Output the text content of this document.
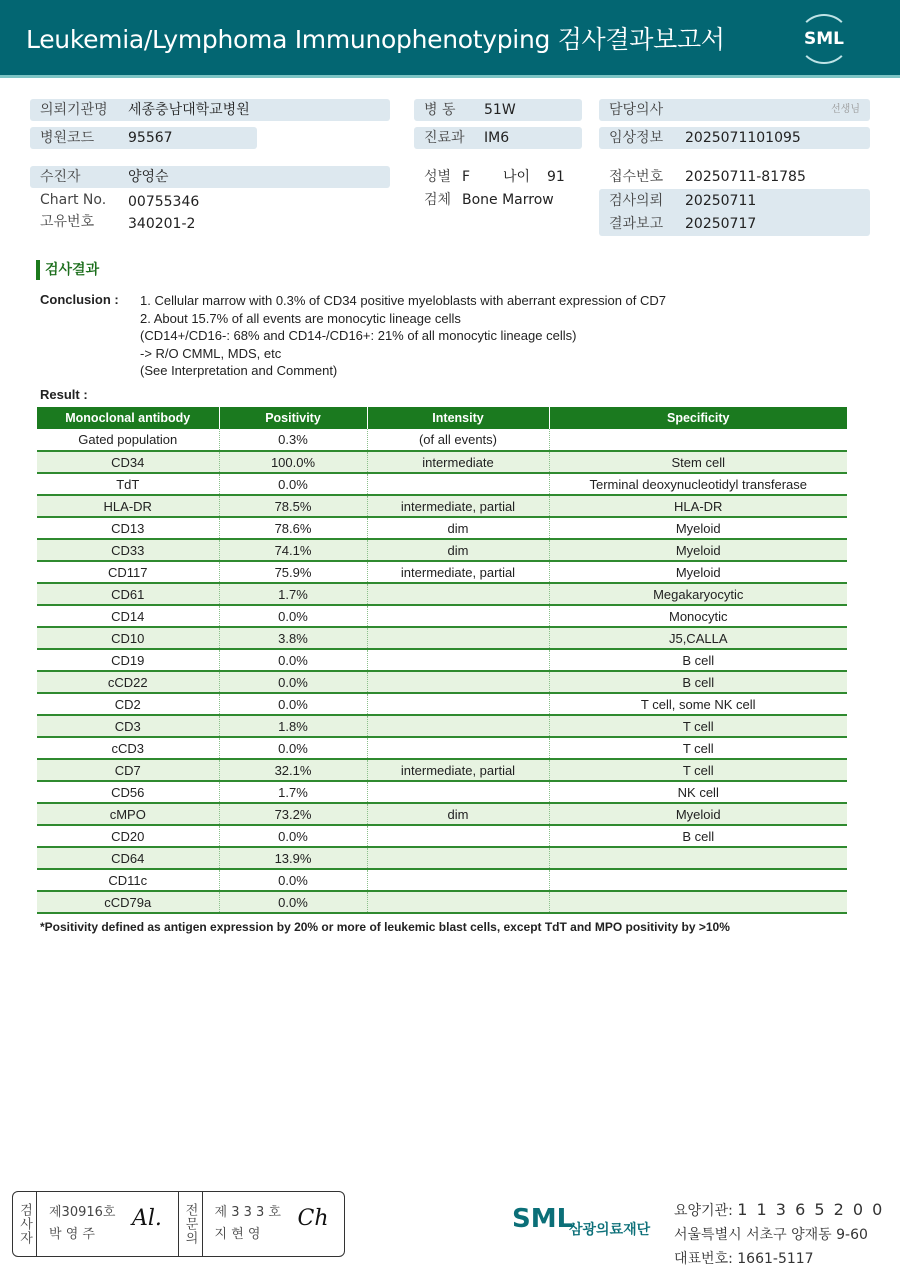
Leukemia/Lymphoma Immunophenotyping 검사결과보고서	SML
의뢰기관명 세종충남대학교병원
병원코드 95567
병 동 51W
진료과 IM6
담당의사	선생님
임상정보 2025071101095
수진자	양영순
Chart No. 00755346
고유번호 340201-2
성별 F 나이 91
검체 Bone Marrow
접수번호 20250711-81785
검사의뢰 20250711
결과보고 20250717
검사결과
Conclusion : 1. Cellular marrow with 0.3% of CD34 positive myeloblasts with aberrant expression of CD7
2. About 15.7% of all events are monocytic lineage cells
(CD14+/CD16-: 68% and CD14-/CD16+: 21% of all monocytic lineage cells)
-> R/O CMML, MDS, etc
(See Interpretation and Comment)
Result :
Monoclonal antibody	Positivity	Intensity	Specificity
Gated population	0.3%	(of all events)	
CD34	100.0%	intermediate	Stem cell
TdT	0.0%		Terminal deoxynucleotidyl transferase
HLA-DR	78.5%	intermediate, partial	HLA-DR
CD13	78.6%	dim	Myeloid
CD33	74.1%	dim	Myeloid
CD117	75.9%	intermediate, partial	Myeloid
CD61	1.7%		Megakaryocytic
CD14	0.0%		Monocytic
CD10	3.8%		J5,CALLA
CD19	0.0%		B cell
cCD22	0.0%		B cell
CD2	0.0%		T cell, some NK cell
CD3	1.8%		T cell
cCD3	0.0%		T cell
CD7	32.1%	intermediate, partial	T cell
CD56	1.7%		NK cell
cMPO	73.2%	dim	Myeloid
CD20	0.0%		B cell
CD64	13.9%		
CD11c	0.0%		
cCD79a	0.0%		
*Positivity defined as antigen expression by 20% or more of leukemic blast cells, except TdT and MPO positivity by >10%
검사자	제30916호
박 영 주
Al.	전문의	제 3 3 3 호
지 현 영
Ch	SML
삼광의료재단
요양기관: 1 1 3 6 5 2 0 0
서울특별시 서초구 양재동 9-60
대표번호: 1661-5117
